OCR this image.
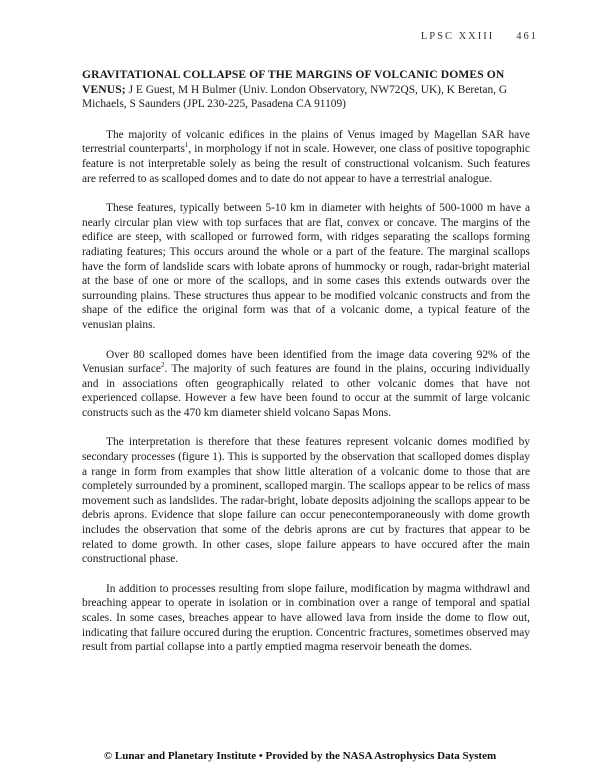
LPSC XXIII 461
GRAVITATIONAL COLLAPSE OF THE MARGINS OF VOLCANIC DOMES ON VENUS; J E Guest, M H Bulmer (Univ. London Observatory, NW72QS, UK), K Beretan, G Michaels, S Saunders (JPL 230-225, Pasadena CA 91109)

The majority of volcanic edifices in the plains of Venus imaged by Magellan SAR have terrestrial counterparts$^1$, in morphology if not in scale. However, one class of positive topographic feature is not interpretable solely as being the result of constructional volcanism. Such features are referred to as scalloped domes and to date do not appear to have a terrestrial analogue.

These features, typically between 5-10 km in diameter with heights of 500-1000 m have a nearly circular plan view with top surfaces that are flat, convex or concave. The margins of the edifice are steep, with scalloped or furrowed form, with ridges separating the scallops forming radiating features; This occurs around the whole or a part of the feature. The marginal scallops have the form of landslide scars with lobate aprons of hummocky or rough, radar-bright material at the base of one or more of the scallops, and in some cases this extends outwards over the surrounding plains. These structures thus appear to be modified volcanic constructs and from the shape of the edifice the original form was that of a volcanic dome, a typical feature of the venusian plains.

Over 80 scalloped domes have been identified from the image data covering 92% of the Venusian surface$^2$. The majority of such features are found in the plains, occuring individually and in associations often geographically related to other volcanic domes that have not experienced collapse. However a few have been found to occur at the summit of large volcanic constructs such as the 470 km diameter shield volcano Sapas Mons.

The interpretation is therefore that these features represent volcanic domes modified by secondary processes (figure 1). This is supported by the observation that scalloped domes display a range in form from examples that show little alteration of a volcanic dome to those that are completely surrounded by a prominent, scalloped margin. The scallops appear to be relics of mass movement such as landslides. The radar-bright, lobate deposits adjoining the scallops appear to be debris aprons. Evidence that slope failure can occur penecontemporaneously with dome growth includes the observation that some of the debris aprons are cut by fractures that appear to be related to dome growth. In other cases, slope failure appears to have occured after the main constructional phase.

In addition to processes resulting from slope failure, modification by magma withdrawl and breaching appear to operate in isolation or in combination over a range of temporal and spatial scales. In some cases, breaches appear to have allowed lava from inside the dome to flow out, indicating that failure occured during the eruption. Concentric fractures, sometimes observed may result from partial collapse into a partly emptied magma reservoir beneath the domes.

© Lunar and Planetary Institute • Provided by the NASA Astrophysics Data System
